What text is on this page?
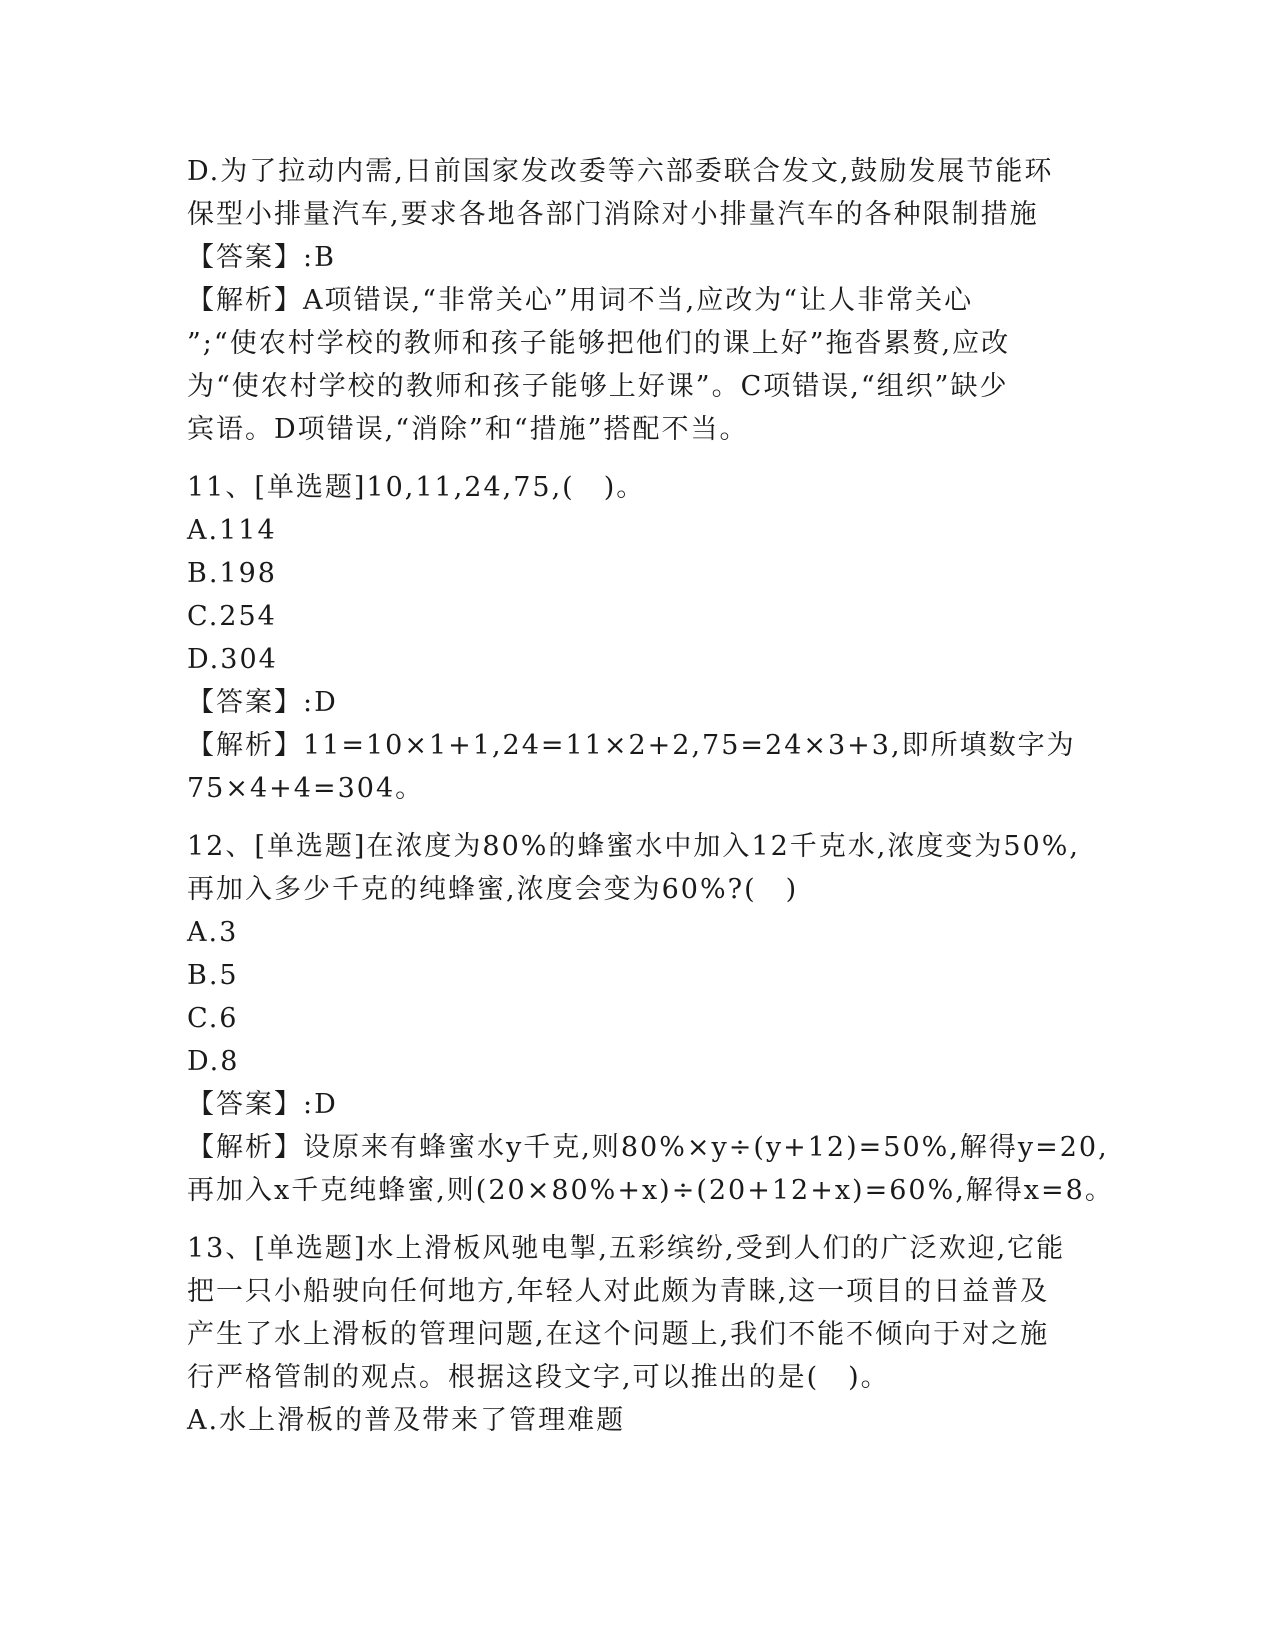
D.为了拉动内需,日前国家发改委等六部委联合发文,鼓励发展节能环
保型小排量汽车,要求各地各部门消除对小排量汽车的各种限制措施
【答案】:B
【解析】A项错误,“非常关心”用词不当,应改为“让人非常关心
”;“使农村学校的教师和孩子能够把他们的课上好”拖沓累赘,应改
为“使农村学校的教师和孩子能够上好课”。C项错误,“组织”缺少
宾语。D项错误,“消除”和“措施”搭配不当。
11、[单选题]10,11,24,75,(　)。
A.114
B.198
C.254
D.304
【答案】:D
【解析】11=10×1+1,24=11×2+2,75=24×3+3,即所填数字为
75×4+4=304。
12、[单选题]在浓度为80%的蜂蜜水中加入12千克水,浓度变为50%,
再加入多少千克的纯蜂蜜,浓度会变为60%?(　)
A.3
B.5
C.6
D.8
【答案】:D
【解析】设原来有蜂蜜水y千克,则80%×y÷(y+12)=50%,解得y=20,
再加入x千克纯蜂蜜,则(20×80%+x)÷(20+12+x)=60%,解得x=8。
13、[单选题]水上滑板风驰电掣,五彩缤纷,受到人们的广泛欢迎,它能
把一只小船驶向任何地方,年轻人对此颇为青睐,这一项目的日益普及
产生了水上滑板的管理问题,在这个问题上,我们不能不倾向于对之施
行严格管制的观点。根据这段文字,可以推出的是(　)。
A.水上滑板的普及带来了管理难题
